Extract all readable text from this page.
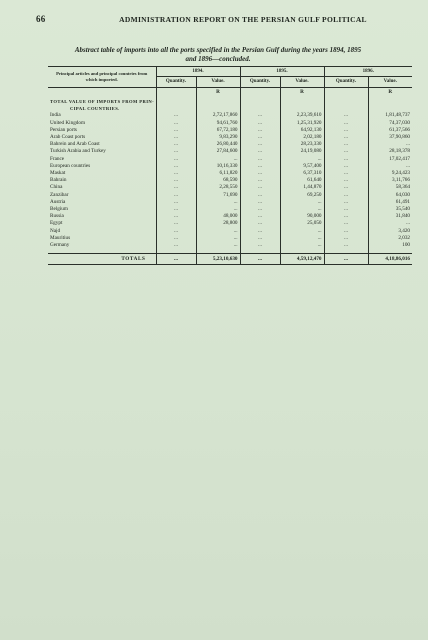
66	ADMINISTRATION REPORT ON THE PERSIAN GULF POLITICAL
Abstract table of imports into all the ports specified in the Persian Gulf during the years 1894, 1895
and 1896—concluded.
Principal articles and principal countries from which imported.	1894.		1895.		1896.	
	Quantity.	Value.	Quantity.	Value.	Quantity.	Value.
		R		R		R
TOTAL VALUE OF IMPORTS FROM PRIN-						
CIPAL COUNTRIES.						
India	...	2,72,17,860	...	2,23,39,610	...	1,81,48,737
United Kingdom	...	94,61,760	...	1,25,31,920	...	74,37,030
Persian ports	...	67,72,180	...	64,92,130	...	61,37,566
Arab Coast ports	...	9,83,290	...	2,02,180	...	37,90,860
Bahrein and Arab Coast	...	26,80,440	...	28,23,330	...	...
Turkish Arabia and Turkey	...	27,84,600	...	24,19,080	...	28,18,378
France	...	...	...	...	...	17,02,417
European countries	...	10,16,330	...	9,57,400	...	...
Maskat	...	6,11,820	...	6,37,310	...	9,24,423
Bahrain	...	68,590	...	61,640	...	3,11,766
China	...	2,28,550	...	1,44,870	...	58,364
Zanzibar	...	71,690	...	69,250	...	64,030
Austria	...	...	...	...	...	61,491
Belgium	...	...	...	...	...	35,540
Russia	...	48,000	...	90,000	...	31,840
Egypt	...	28,800	...	25,050	...	...
Najd	...	...	...	...	...	3,420
Mauritius	...	...	...	...	...	2,032
Germany	...	...	...	...	...	100

TOTALS	...	5,23,10,630	...	4,59,12,470	...	4,18,86,016
